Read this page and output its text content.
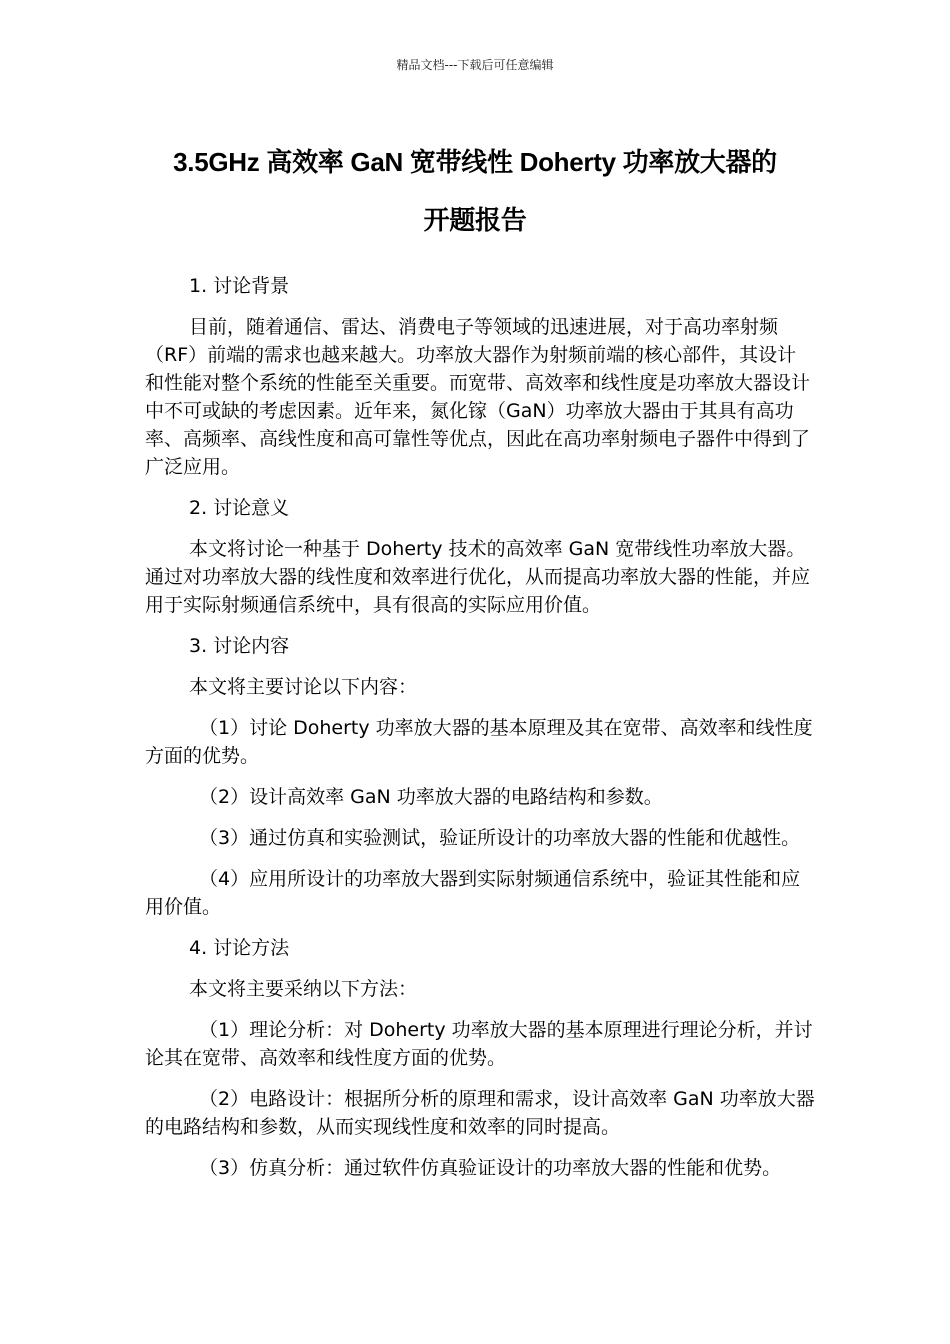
精品文档---下载后可任意编辑
3.5GHz 高效率 GaN 宽带线性 Doherty 功率放大器的
开题报告

1. 讨论背景

目前，随着通信、雷达、消费电子等领域的迅速进展，对于高功率射频（RF）前端的需求也越来越大。功率放大器作为射频前端的核心部件，其设计和性能对整个系统的性能至关重要。而宽带、高效率和线性度是功率放大器设计中不可或缺的考虑因素。近年来，氮化镓（GaN）功率放大器由于其具有高功率、高频率、高线性度和高可靠性等优点，因此在高功率射频电子器件中得到了广泛应用。

2. 讨论意义

本文将讨论一种基于 Doherty 技术的高效率 GaN 宽带线性功率放大器。通过对功率放大器的线性度和效率进行优化，从而提高功率放大器的性能，并应用于实际射频通信系统中，具有很高的实际应用价值。

3. 讨论内容

本文将主要讨论以下内容：

（1）讨论 Doherty 功率放大器的基本原理及其在宽带、高效率和线性度方面的优势。

（2）设计高效率 GaN 功率放大器的电路结构和参数。

（3）通过仿真和实验测试，验证所设计的功率放大器的性能和优越性。

（4）应用所设计的功率放大器到实际射频通信系统中，验证其性能和应用价值。

4. 讨论方法

本文将主要采纳以下方法：

（1）理论分析：对 Doherty 功率放大器的基本原理进行理论分析，并讨论其在宽带、高效率和线性度方面的优势。

（2）电路设计：根据所分析的原理和需求，设计高效率 GaN 功率放大器的电路结构和参数，从而实现线性度和效率的同时提高。

（3）仿真分析：通过软件仿真验证设计的功率放大器的性能和优势。
